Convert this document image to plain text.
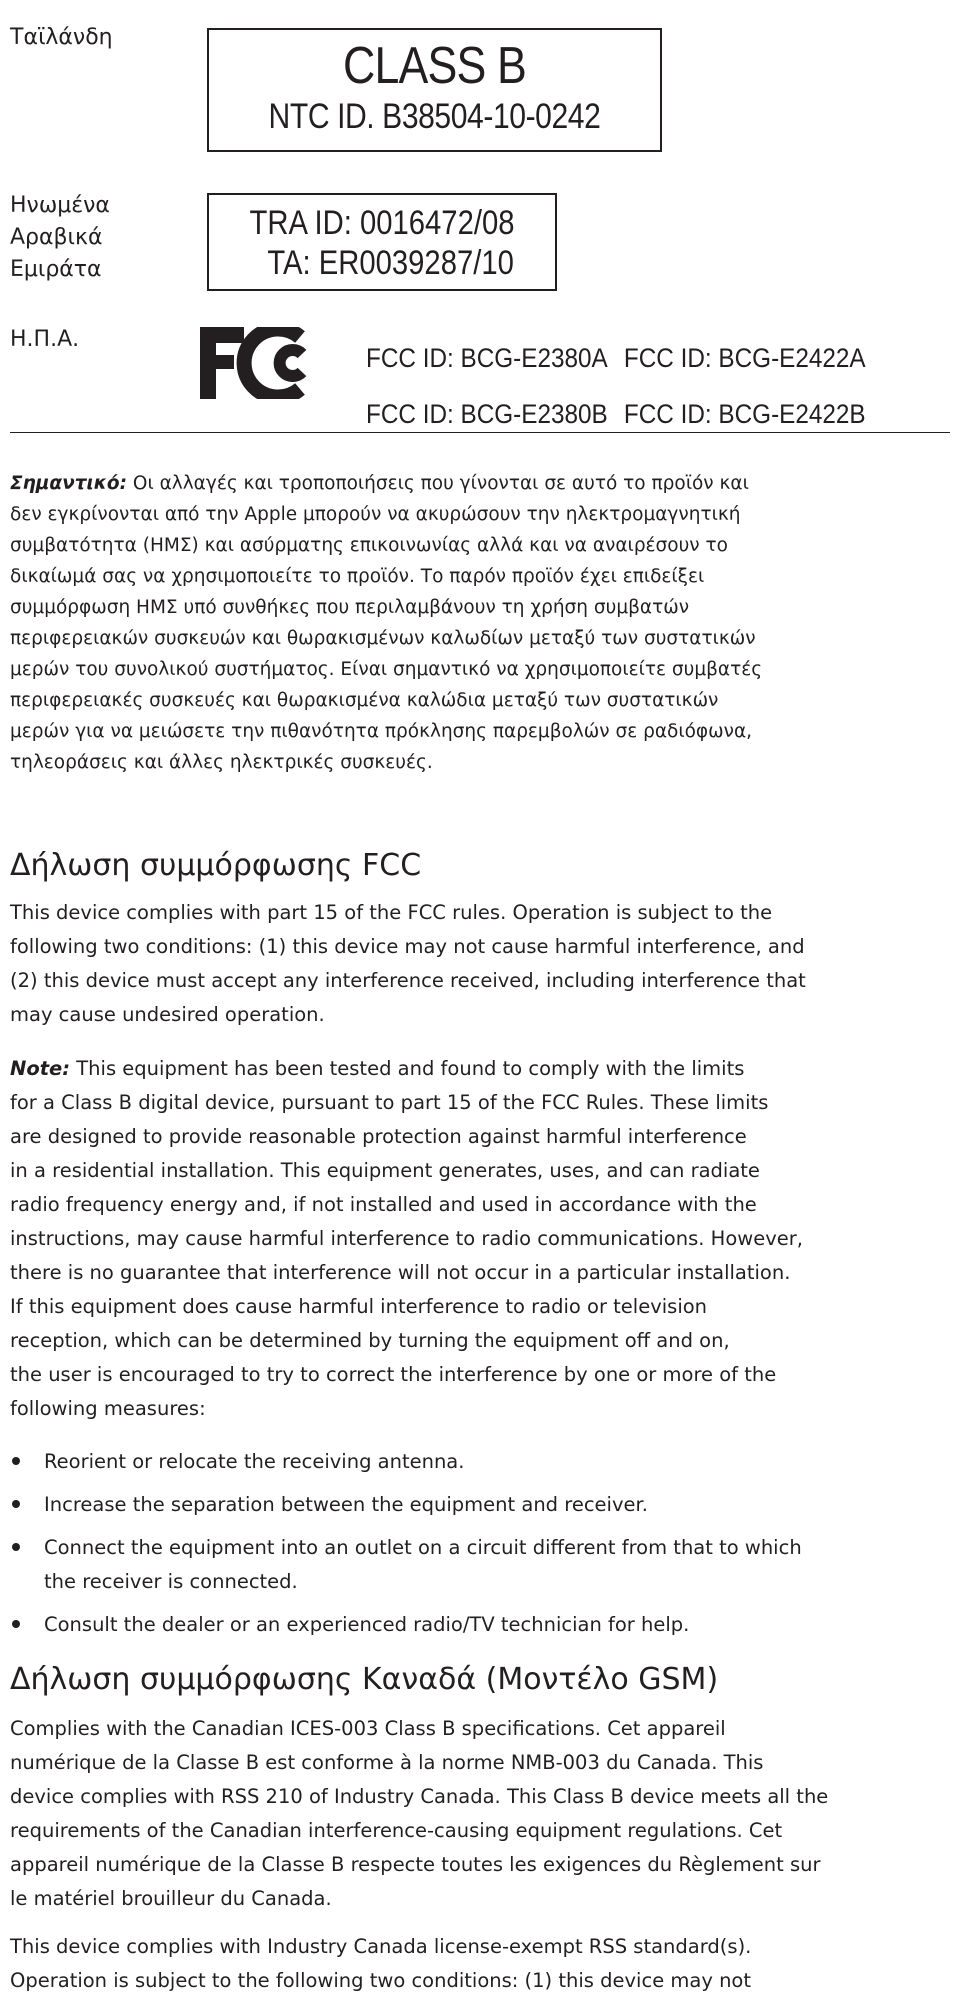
Ταϊλάνδη
Ηνωμένα
Αραβικά
Εμιράτα
Η.Π.Α.
CLASS B
NTC ID. B38504-10-0242
TRA ID: 0016472/08
TA: ER0039287/10
FCC ID: BCG-E2380A FCC ID: BCG-E2422A
FCC ID: BCG-E2380B FCC ID: BCG-E2422B
Σημαντικό: Οι αλλαγές και τροποποιήσεις που γίνονται σε αυτό το προϊόν και
δεν εγκρίνονται από την Apple μπορούν να ακυρώσουν την ηλεκτρομαγνητική
συμβατότητα (ΗΜΣ) και ασύρματης επικοινωνίας αλλά και να αναιρέσουν το
δικαίωμά σας να χρησιμοποιείτε το προϊόν. Το παρόν προϊόν έχει επιδείξει
συμμόρφωση ΗΜΣ υπό συνθήκες που περιλαμβάνουν τη χρήση συμβατών
περιφερειακών συσκευών και θωρακισμένων καλωδίων μεταξύ των συστατικών
μερών του συνολικού συστήματος. Είναι σημαντικό να χρησιμοποιείτε συμβατές
περιφερειακές συσκευές και θωρακισμένα καλώδια μεταξύ των συστατικών
μερών για να μειώσετε την πιθανότητα πρόκλησης παρεμβολών σε ραδιόφωνα,
τηλεοράσεις και άλλες ηλεκτρικές συσκευές.
Δήλωση συμμόρφωσης FCC
This device complies with part 15 of the FCC rules. Operation is subject to the
following two conditions: (1) this device may not cause harmful interference, and
(2) this device must accept any interference received, including interference that
may cause undesired operation.
Note: This equipment has been tested and found to comply with the limits
for a Class B digital device, pursuant to part 15 of the FCC Rules. These limits
are designed to provide reasonable protection against harmful interference
in a residential installation. This equipment generates, uses, and can radiate
radio frequency energy and, if not installed and used in accordance with the
instructions, may cause harmful interference to radio communications. However,
there is no guarantee that interference will not occur in a particular installation.
If this equipment does cause harmful interference to radio or television
reception, which can be determined by turning the equipment off and on,
the user is encouraged to try to correct the interference by one or more of the
following measures:
Reorient or relocate the receiving antenna.
Increase the separation between the equipment and receiver.
Connect the equipment into an outlet on a circuit different from that to which
the receiver is connected.
Consult the dealer or an experienced radio/TV technician for help.
Δήλωση συμμόρφωσης Καναδά (Μοντέλο GSM)
Complies with the Canadian ICES-003 Class B specifications. Cet appareil
numérique de la Classe B est conforme à la norme NMB-003 du Canada. This
device complies with RSS 210 of Industry Canada. This Class B device meets all the
requirements of the Canadian interference-causing equipment regulations. Cet
appareil numérique de la Classe B respecte toutes les exigences du Règlement sur
le matériel brouilleur du Canada.
This device complies with Industry Canada license-exempt RSS standard(s).
Operation is subject to the following two conditions: (1) this device may not
